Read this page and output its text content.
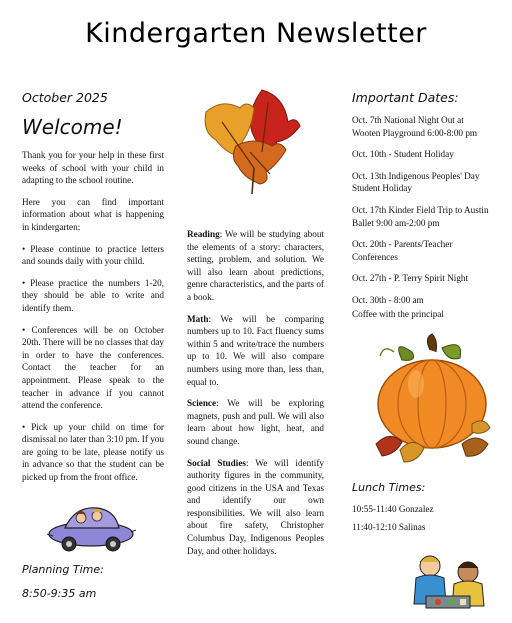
Kindergarten Newsletter
October 2025
Welcome!

Thank you for your help in these first weeks of school with your child in adapting to the school routine.

Here you can find important information about what is happening in kindergarten:

• Please continue to practice letters and sounds daily with your child.

• Please practice the numbers 1-20, they should be able to write and identify them.

• Conferences will be on October 20th. There will be no classes that day in order to have the conferences. Contact the teacher for an appointment. Please speak to the teacher in advance if you cannot attend the conference.

• Pick up your child on time for dismissal no later than 3:10 pm. If you are going to be late, please notify us in advance so that the student can be picked up from the front office.

Planning Time:
8:50-9:35 am

Reading: We will be studying about the elements of a story: characters, setting, problem, and solution. We will also learn about predictions, genre characteristics, and the parts of a book.

Math: We will be comparing numbers up to 10. Fact fluency sums within 5 and write/trace the numbers up to 10. We will also compare numbers using more than, less than, equal to.

Science: We will be exploring magnets, push and pull. We will also learn about how light, heat, and sound change.

Social Studies: We will identify authority figures in the community, good citizens in the USA and Texas and identify our own responsibilities. We will also learn about fire safety, Christopher Columbus Day, Indigenous Peoples Day, and other holidays.

Important Dates:
Oct. 7th National Night Out at Wooten Playground 6:00-8:00 pm
Oct. 10th - Student Holiday
Oct. 13th Indigenous Peoples' Day Student Holiday
Oct. 17th Kinder Field Trip to Austin Ballet 9:00 am-2:00 pm
Oct. 20th - Parents/Teacher Conferences
Oct. 27th - P. Terry Spirit Night
Oct. 30th - 8:00 am
Coffee with the principal
Lunch Times:
10:55-11:40 Gonzalez
11:40-12:10 Salinas
